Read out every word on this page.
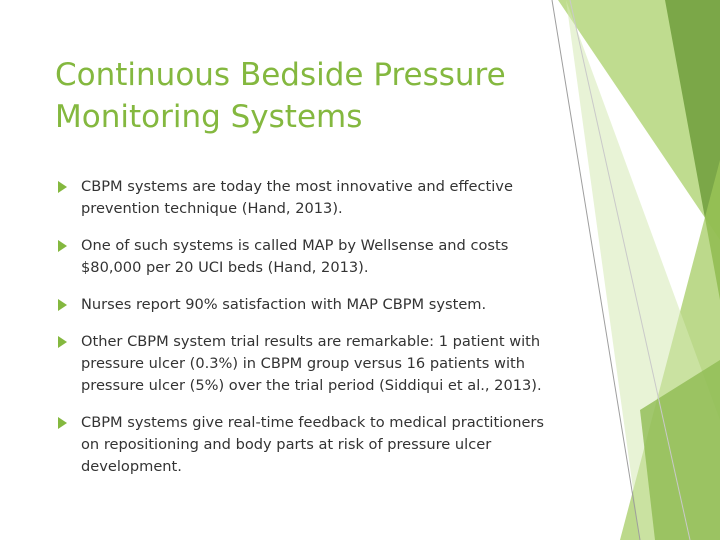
Continuous Bedside Pressure Monitoring Systems
CBPM systems are today the most innovative and effective prevention technique (Hand, 2013).
One of such systems is called MAP by Wellsense and costs $80,000 per 20 UCI beds (Hand, 2013).
Nurses report 90% satisfaction with MAP CBPM system.
Other CBPM system trial results are remarkable: 1 patient with pressure ulcer (0.3%) in CBPM group versus 16 patients with pressure ulcer (5%) over the trial period (Siddiqui et al., 2013).
CBPM systems give real-time feedback to medical practitioners on repositioning and body parts at risk of pressure ulcer development.
